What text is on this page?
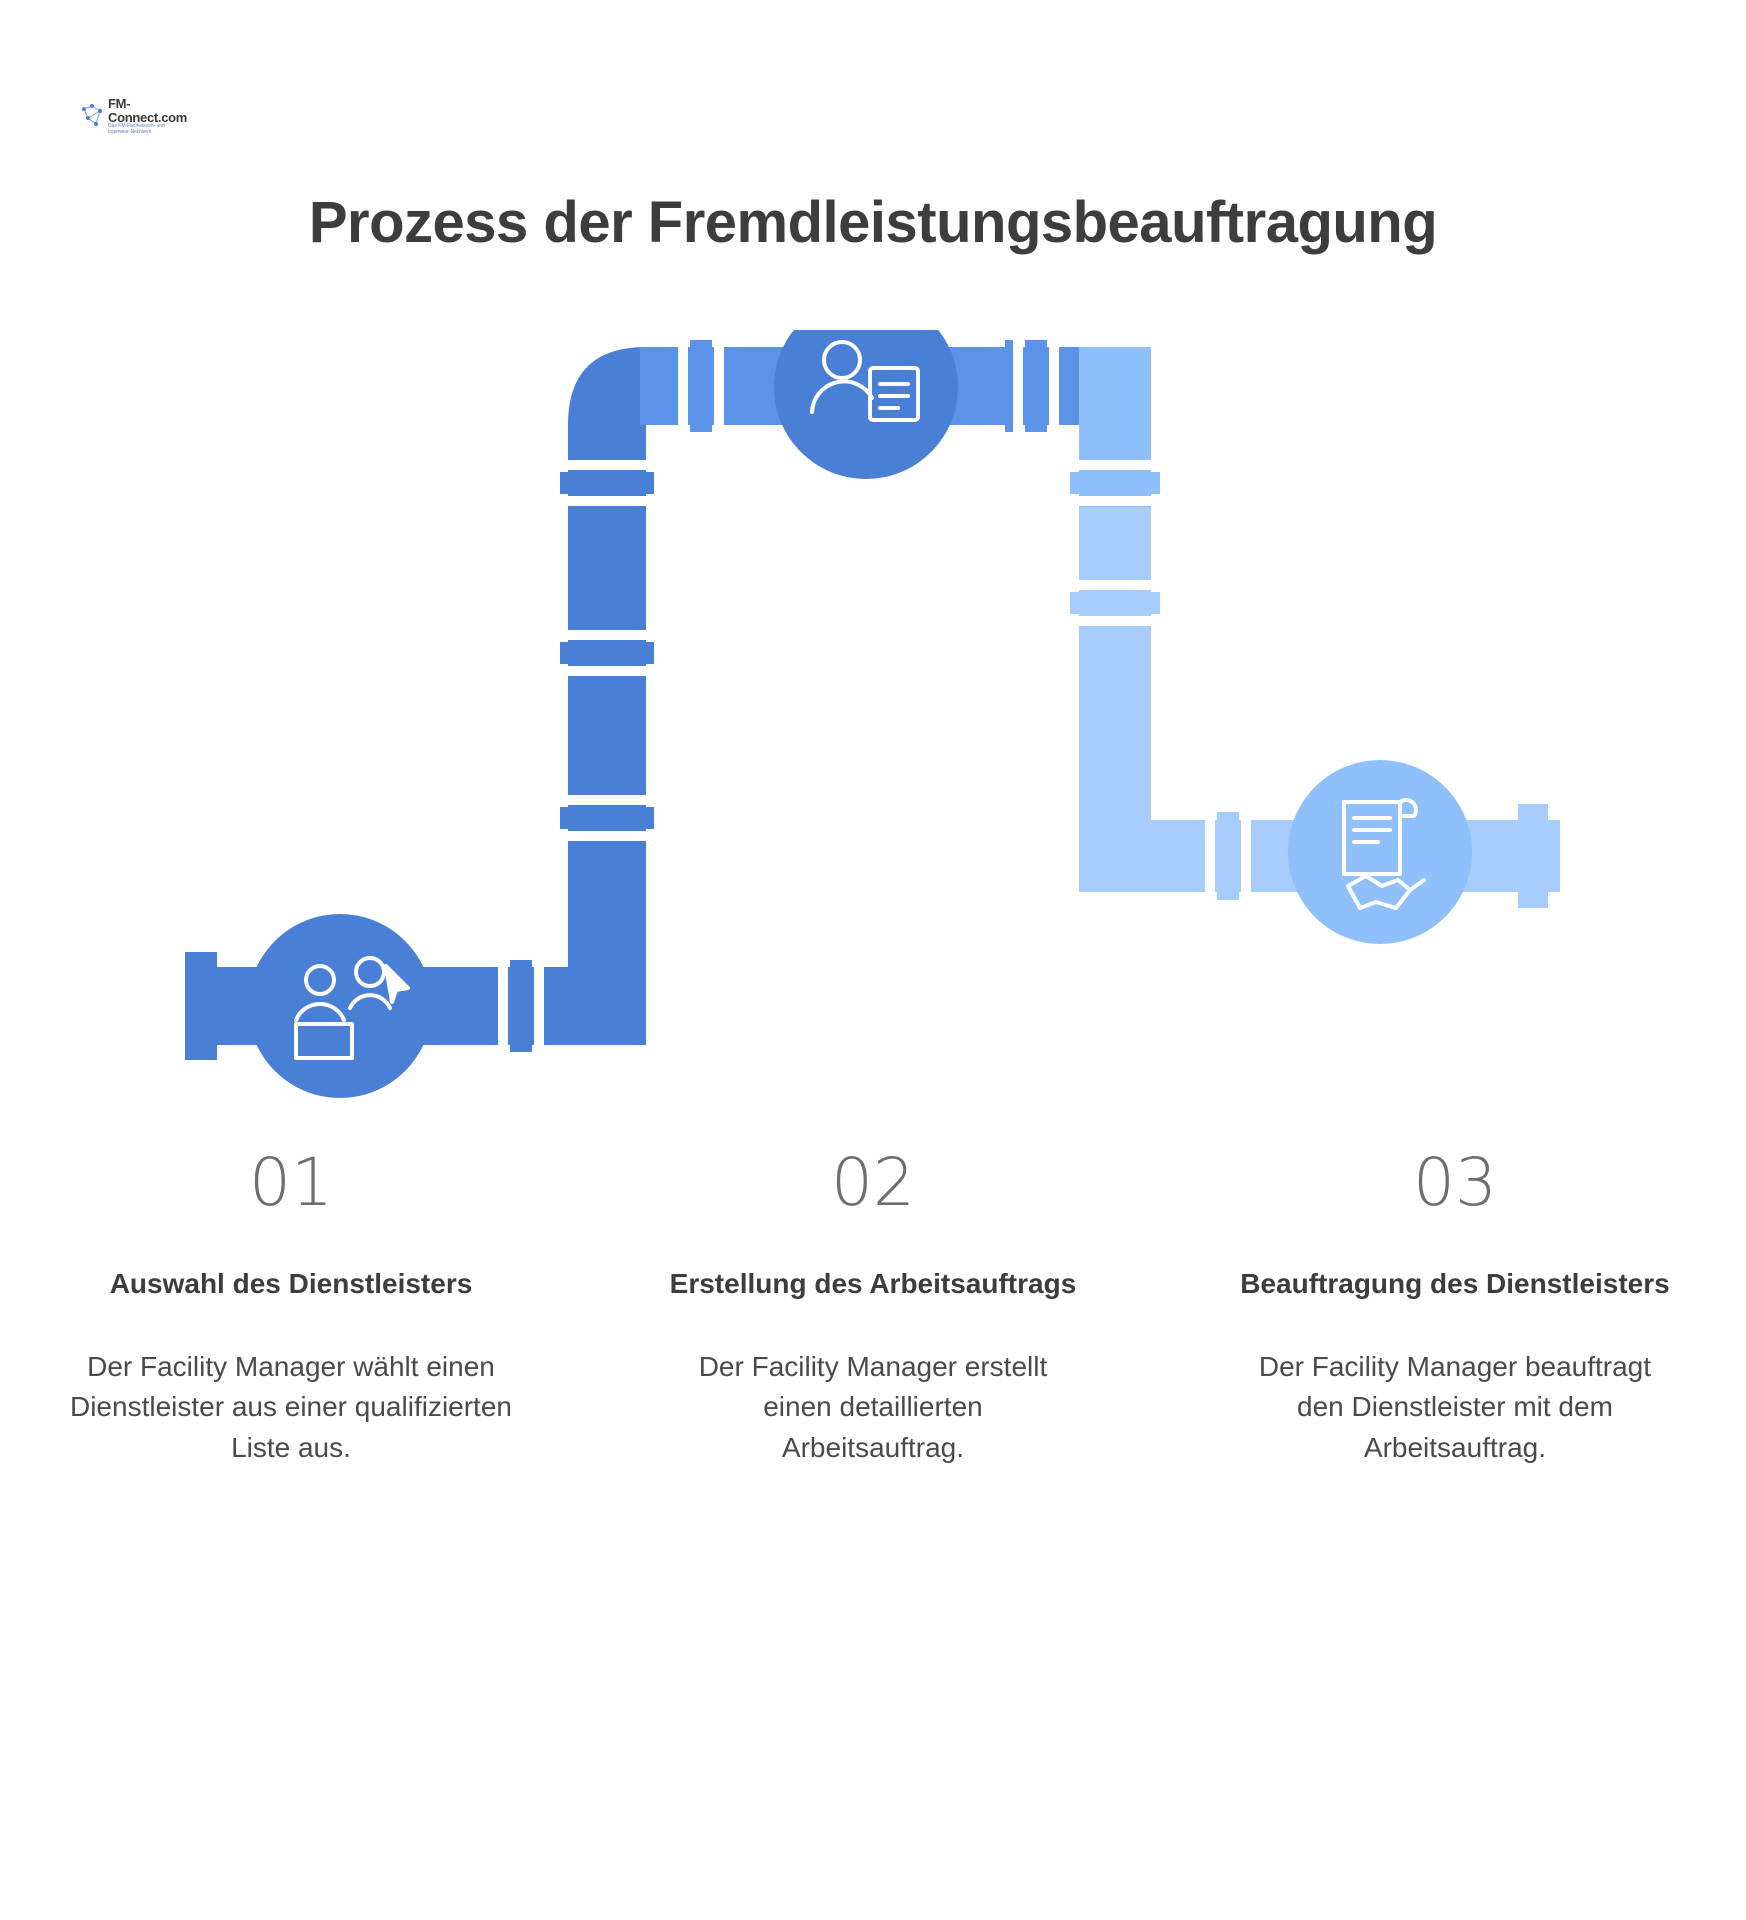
FM-Connect.com
Das FM-Fachwissen- und Ingenieur-Netzwerk
Prozess der Fremdleistungsbeauftragung
01
Auswahl des Dienstleisters
Der Facility Manager wählt einen Dienstleister aus einer qualifizierten Liste aus.
02
Erstellung des Arbeitsauftrags
Der Facility Manager erstellt einen detaillierten Arbeitsauftrag.
03
Beauftragung des Dienstleisters
Der Facility Manager beauftragt den Dienstleister mit dem Arbeitsauftrag.
